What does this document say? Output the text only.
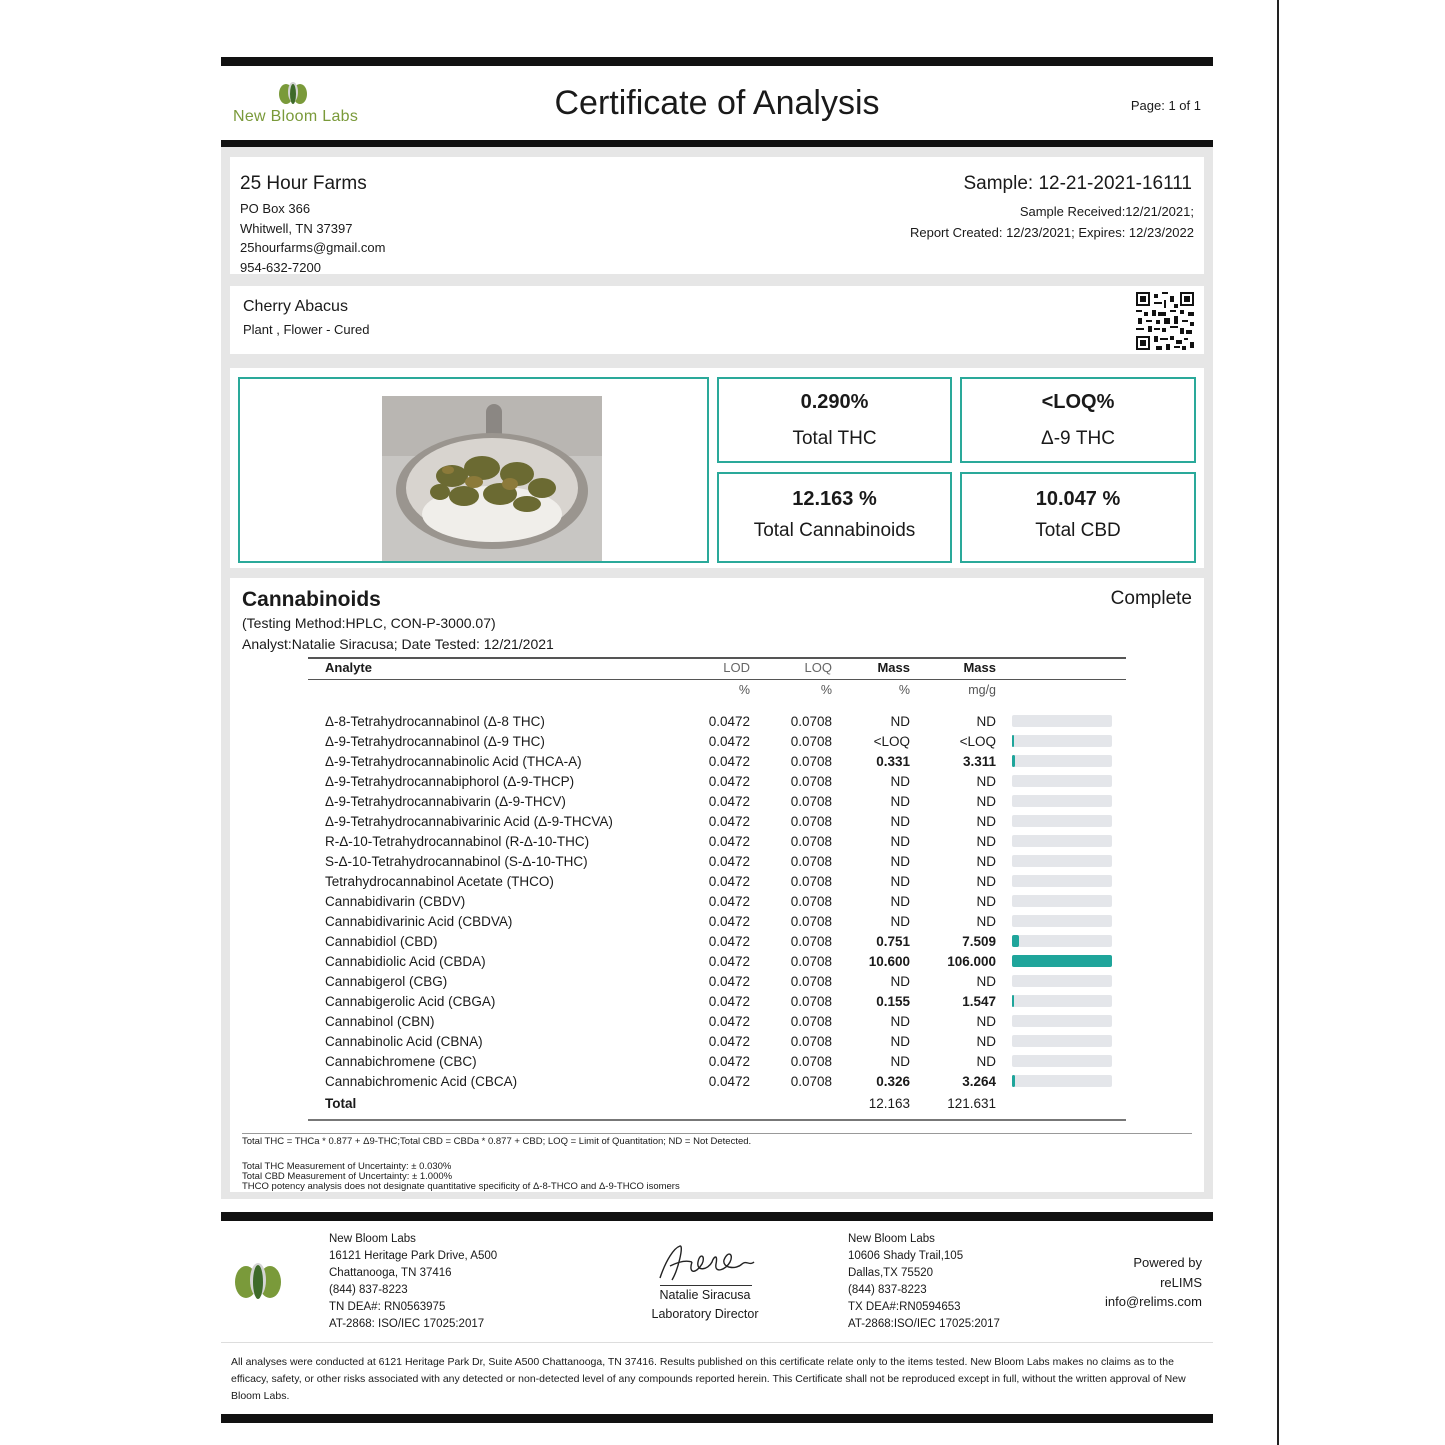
New Bloom Labs	Certificate of Analysis	Page: 1 of 1
25 Hour Farms
PO Box 366
Whitwell, TN 37397
25hourfarms@gmail.com
954-632-7200
Sample: 12-21-2021-16111
Sample Received:12/21/2021;
Report Created: 12/23/2021; Expires: 12/23/2022
Cherry Abacus
Plant , Flower - Cured
0.290%
Total THC
<LOQ%
Δ-9 THC
12.163 %
Total Cannabinoids
10.047 %
Total CBD
Cannabinoids	Complete
(Testing Method:HPLC, CON-P-3000.07)
Analyst:Natalie Siracusa; Date Tested: 12/21/2021
Analyte	LOD	LOQ	Mass	Mass	
	%	%	%	mg/g	

Δ-8-Tetrahydrocannabinol (Δ-8 THC)	0.0472	0.0708	ND	ND	

Δ-9-Tetrahydrocannabinol (Δ-9 THC)	0.0472	0.0708	<LOQ	<LOQ	

Δ-9-Tetrahydrocannabinolic Acid (THCA-A)	0.0472	0.0708	0.331	3.311	

Δ-9-Tetrahydrocannabiphorol (Δ-9-THCP)	0.0472	0.0708	ND	ND	

Δ-9-Tetrahydrocannabivarin (Δ-9-THCV)	0.0472	0.0708	ND	ND	

Δ-9-Tetrahydrocannabivarinic Acid (Δ-9-THCVA)	0.0472	0.0708	ND	ND	

R-Δ-10-Tetrahydrocannabinol (R-Δ-10-THC)	0.0472	0.0708	ND	ND	

S-Δ-10-Tetrahydrocannabinol (S-Δ-10-THC)	0.0472	0.0708	ND	ND	

Tetrahydrocannabinol Acetate (THCO)	0.0472	0.0708	ND	ND	

Cannabidivarin (CBDV)	0.0472	0.0708	ND	ND	

Cannabidivarinic Acid (CBDVA)	0.0472	0.0708	ND	ND	

Cannabidiol (CBD)	0.0472	0.0708	0.751	7.509	

Cannabidiolic Acid (CBDA)	0.0472	0.0708	10.600	106.000	

Cannabigerol (CBG)	0.0472	0.0708	ND	ND	

Cannabigerolic Acid (CBGA)	0.0472	0.0708	0.155	1.547	

Cannabinol (CBN)	0.0472	0.0708	ND	ND	

Cannabinolic Acid (CBNA)	0.0472	0.0708	ND	ND	

Cannabichromene (CBC)	0.0472	0.0708	ND	ND	

Cannabichromenic Acid (CBCA)	0.0472	0.0708	0.326	3.264	

Total			12.163	121.631	
Total THC = THCa * 0.877 + Δ9-THC;Total CBD = CBDa * 0.877 + CBD; LOQ = Limit of Quantitation; ND = Not Detected.
Total THC Measurement of Uncertainty: ± 0.030%
Total CBD Measurement of Uncertainty: ± 1.000%
THCO potency analysis does not designate quantitative specificity of Δ-8-THCO and Δ-9-THCO isomers
New Bloom Labs
16121 Heritage Park Drive, A500
Chattanooga, TN 37416
(844) 837-8223
TN DEA#: RN0563975
AT-2868: ISO/IEC 17025:2017
Natalie Siracusa
Laboratory Director
New Bloom Labs
10606 Shady Trail,105
Dallas,TX 75520
(844) 837-8223
TX DEA#:RN0594653
AT-2868:ISO/IEC 17025:2017
Powered by
reLIMS
info@relims.com
All analyses were conducted at 6121 Heritage Park Dr, Suite A500 Chattanooga, TN 37416. Results published on this certificate relate only to the items tested. New Bloom Labs makes no claims as to the efficacy, safety, or other risks associated with any detected or non-detected level of any compounds reported herein. This Certificate shall not be reproduced except in full, without the written approval of New Bloom Labs.
